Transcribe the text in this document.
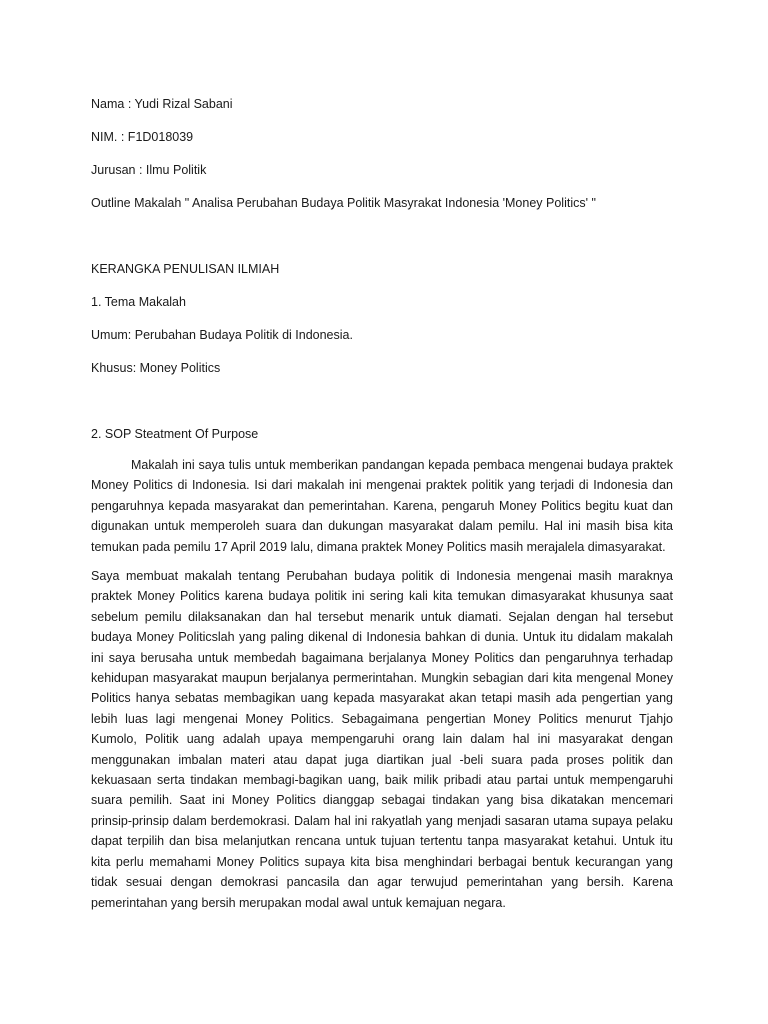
Nama : Yudi Rizal Sabani
NIM. : F1D018039
Jurusan : Ilmu Politik
Outline Makalah " Analisa Perubahan Budaya Politik Masyrakat Indonesia 'Money Politics' "
KERANGKA PENULISAN ILMIAH
1. Tema Makalah
Umum: Perubahan Budaya Politik di Indonesia.
Khusus: Money Politics
2. SOP Steatment Of Purpose

Makalah ini saya tulis untuk memberikan pandangan kepada pembaca mengenai budaya praktek Money Politics di Indonesia. Isi dari makalah ini mengenai praktek politik yang terjadi di Indonesia dan pengaruhnya kepada masyarakat dan pemerintahan. Karena, pengaruh Money Politics begitu kuat dan digunakan untuk memperoleh suara dan dukungan masyarakat dalam pemilu. Hal ini masih bisa kita temukan pada pemilu 17 April 2019 lalu, dimana praktek Money Politics masih merajalela dimasyarakat.

Saya membuat makalah tentang Perubahan budaya politik di Indonesia mengenai masih maraknya praktek Money Politics karena budaya politik ini sering kali kita temukan dimasyarakat khusunya saat sebelum pemilu dilaksanakan dan hal tersebut menarik untuk diamati. Sejalan dengan hal tersebut budaya Money Politicslah yang paling dikenal di Indonesia bahkan di dunia. Untuk itu didalam makalah ini saya berusaha untuk membedah bagaimana berjalanya Money Politics dan pengaruhnya terhadap kehidupan masyarakat maupun berjalanya permerintahan. Mungkin sebagian dari kita mengenal Money Politics hanya sebatas membagikan uang kepada masyarakat akan tetapi masih ada pengertian yang lebih luas lagi mengenai Money Politics. Sebagaimana pengertian Money Politics menurut Tjahjo Kumolo, Politik uang adalah upaya mempengaruhi orang lain dalam hal ini masyarakat dengan menggunakan imbalan materi atau dapat juga diartikan jual -beli suara pada proses politik dan kekuasaan serta tindakan membagi-bagikan uang, baik milik pribadi atau partai untuk mempengaruhi suara pemilih. Saat ini Money Politics dianggap sebagai tindakan yang bisa dikatakan mencemari prinsip-prinsip dalam berdemokrasi. Dalam hal ini rakyatlah yang menjadi sasaran utama supaya pelaku dapat terpilih dan bisa melanjutkan rencana untuk tujuan tertentu tanpa masyarakat ketahui. Untuk itu kita perlu memahami Money Politics supaya kita bisa menghindari berbagai bentuk kecurangan yang tidak sesuai dengan demokrasi pancasila dan agar terwujud pemerintahan yang bersih. Karena pemerintahan yang bersih merupakan modal awal untuk kemajuan negara.
